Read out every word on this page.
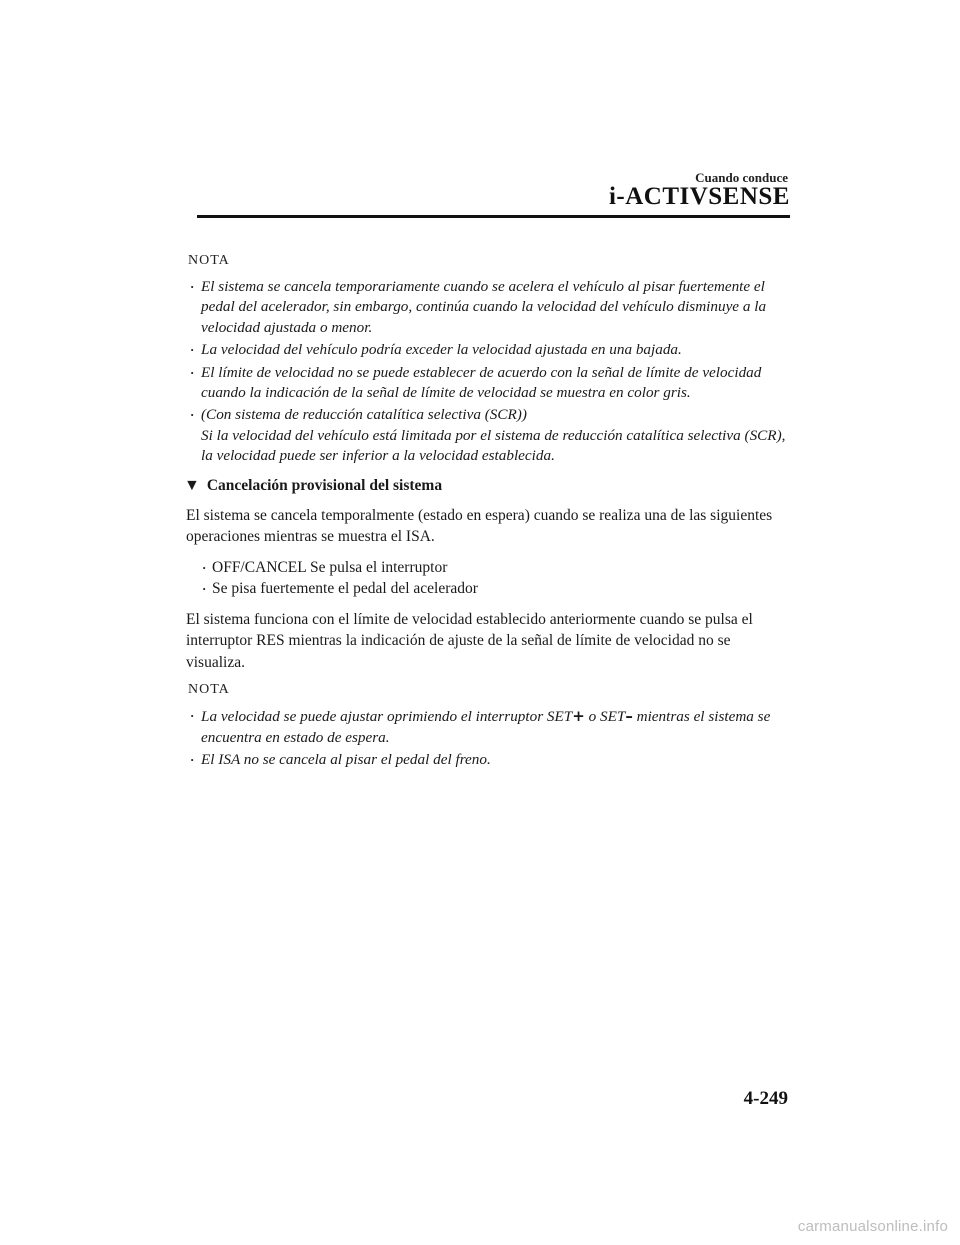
Cuando conduce
i-ACTIVSENSE
NOTA
· El sistema se cancela temporariamente cuando se acelera el vehículo al pisar fuertemente el pedal del acelerador, sin embargo, continúa cuando la velocidad del vehículo disminuye a la velocidad ajustada o menor.
· La velocidad del vehículo podría exceder la velocidad ajustada en una bajada.
· El límite de velocidad no se puede establecer de acuerdo con la señal de límite de velocidad cuando la indicación de la señal de límite de velocidad se muestra en color gris.
· (Con sistema de reducción catalítica selectiva (SCR))
Si la velocidad del vehículo está limitada por el sistema de reducción catalítica selectiva (SCR), la velocidad puede ser inferior a la velocidad establecida.
▼ Cancelación provisional del sistema

El sistema se cancela temporalmente (estado en espera) cuando se realiza una de las siguientes operaciones mientras se muestra el ISA.

· OFF/CANCEL Se pulsa el interruptor
· Se pisa fuertemente el pedal del acelerador

El sistema funciona con el límite de velocidad establecido anteriormente cuando se pulsa el interruptor RES mientras la indicación de ajuste de la señal de límite de velocidad no se visualiza.

NOTA
· La velocidad se puede ajustar oprimiendo el interruptor SET+ o SET– mientras el sistema se encuentra en estado de espera.
· El ISA no se cancela al pisar el pedal del freno.
4-249
carmanualsonline.info
